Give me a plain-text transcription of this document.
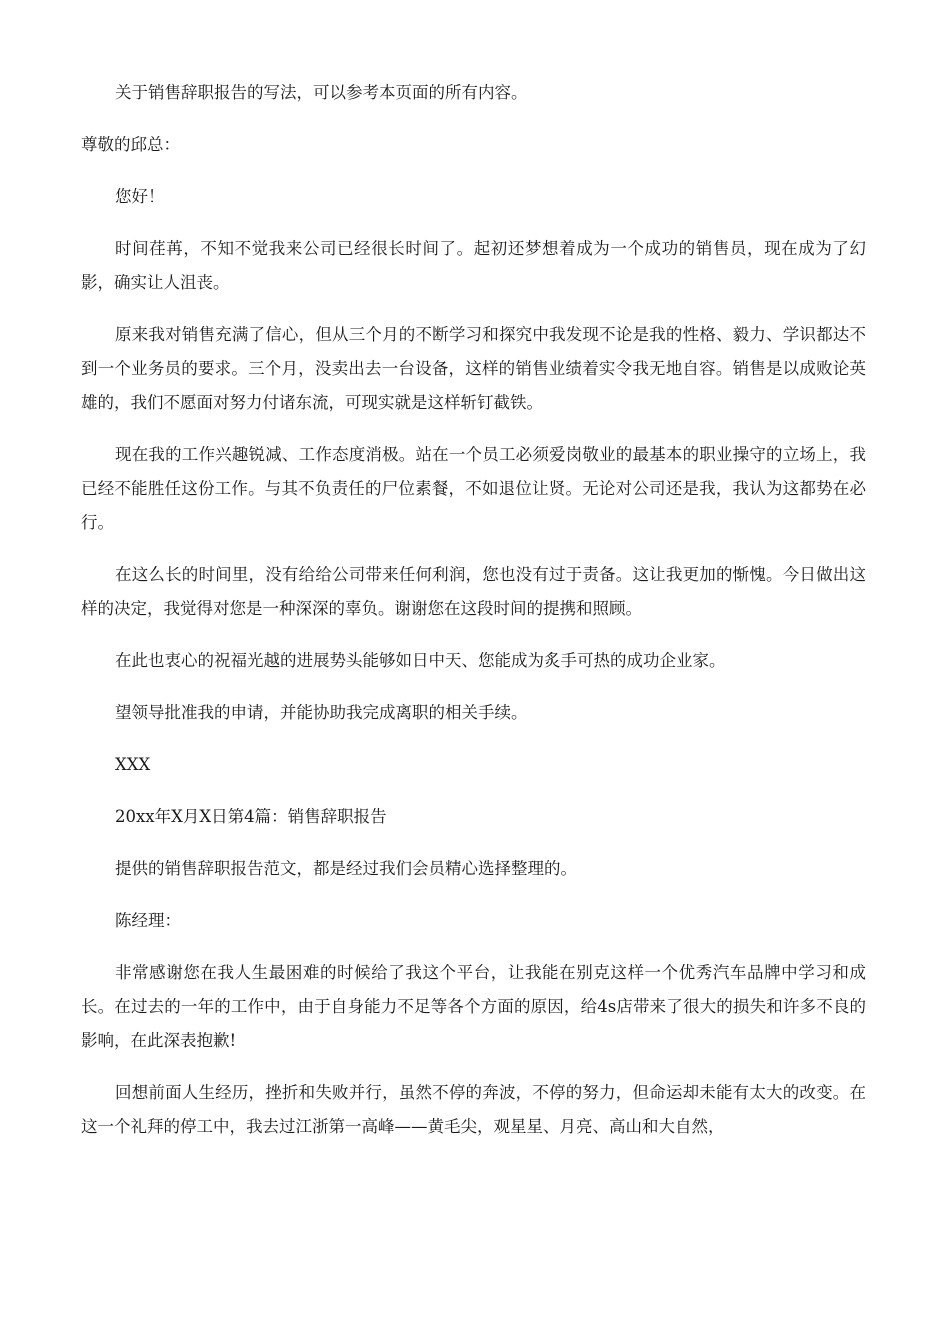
关于销售辞职报告的写法，可以参考本页面的所有内容。

尊敬的邱总：

您好！

时间荏苒，不知不觉我来公司已经很长时间了。起初还梦想着成为一个成功的销售员，现在成为了幻影，确实让人沮丧。

原来我对销售充满了信心，但从三个月的不断学习和探究中我发现不论是我的性格、毅力、学识都达不到一个业务员的要求。三个月，没卖出去一台设备，这样的销售业绩着实令我无地自容。销售是以成败论英雄的，我们不愿面对努力付诸东流，可现实就是这样斩钉截铁。

现在我的工作兴趣锐减、工作态度消极。站在一个员工必须爱岗敬业的最基本的职业操守的立场上，我已经不能胜任这份工作。与其不负责任的尸位素餐，不如退位让贤。无论对公司还是我，我认为这都势在必行。

在这么长的时间里，没有给给公司带来任何利润，您也没有过于责备。这让我更加的惭愧。今日做出这样的决定，我觉得对您是一种深深的辜负。谢谢您在这段时间的提携和照顾。

在此也衷心的祝福光越的进展势头能够如日中天、您能成为炙手可热的成功企业家。

望领导批准我的申请，并能协助我完成离职的相关手续。

XXX

20xx年X月X日第4篇：销售辞职报告

提供的销售辞职报告范文，都是经过我们会员精心选择整理的。

陈经理：

非常感谢您在我人生最困难的时候给了我这个平台，让我能在别克这样一个优秀汽车品牌中学习和成长。在过去的一年的工作中，由于自身能力不足等各个方面的原因，给4s店带来了很大的损失和许多不良的影响，在此深表抱歉!

回想前面人生经历，挫折和失败并行，虽然不停的奔波，不停的努力，但命运却未能有太大的改变。在这一个礼拜的停工中，我去过江浙第一高峰——黄毛尖，观星星、月亮、高山和大自然，
